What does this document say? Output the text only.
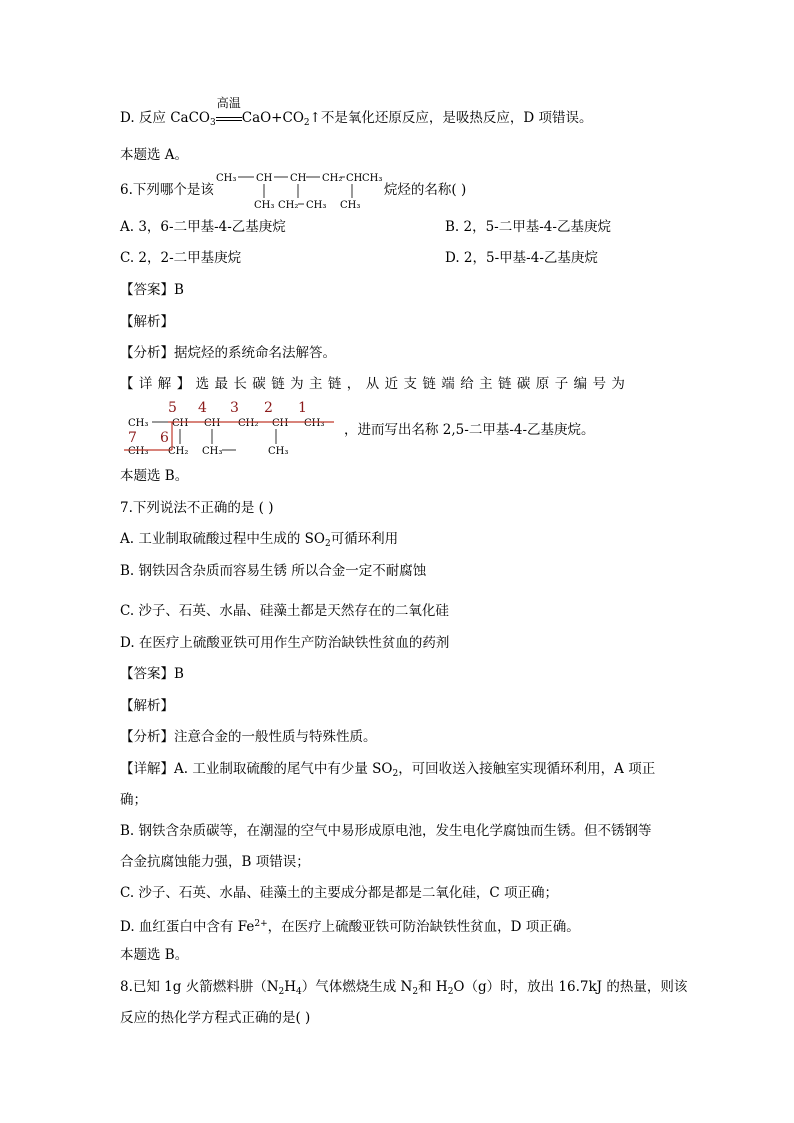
D. 反应 CaCO$_3$
高温
$CaO+CO_2↑$不是氧化还原反应，是吸热反应，D 项错误。
本题选 A。
6.下列哪个是该	烷烃的名称( )
CH₃ CH CH CH₂ CH CH₃
CH₃ CH₂ CH₃ CH₃
A. 3，6-二甲基-4-乙基庚烷	B. 2，5-二甲基-4-乙基庚烷
C. 2，2-二甲基庚烷	D. 2，5-甲基-4-乙基庚烷
【答案】B
【解析】
【分析】据烷烃的系统命名法解答。
【详解】选最长碳链为主链，从近支链端给主链碳原子编号为
5 4 3 2 1
7 6
CH₃ CH CH CH₂ CH CH₃
CH₃ CH₂ CH₃	CH₃
，进而写出名称 2,5-二甲基-4-乙基庚烷。
本题选 B。
7.下列说法不正确的是 ( )
A. 工业制取硫酸过程中生成的 $SO_2$可循环利用
B. 钢铁因含杂质而容易生锈 所以合金一定不耐腐蚀
C. 沙子、石英、水晶、硅藻土都是天然存在的二氧化硅
D. 在医疗上硫酸亚铁可用作生产防治缺铁性贫血的药剂
【答案】B
【解析】
【分析】注意合金的一般性质与特殊性质。
【详解】A. 工业制取硫酸的尾气中有少量 $SO_2$，可回收送入接触室实现循环利用，A 项正
确；
B. 钢铁含杂质碳等，在潮湿的空气中易形成原电池，发生电化学腐蚀而生锈。但不锈钢等
合金抗腐蚀能力强，B 项错误；
C. 沙子、石英、水晶、硅藻土的主要成分都是都是二氧化硅，C 项正确；
D. 血红蛋白中含有 $Fe^{2+}$，在医疗上硫酸亚铁可防治缺铁性贫血，D 项正确。
本题选 B。
8.已知 1g 火箭燃料肼$(N_2H_4)$气体燃烧生成 $N_2$和 $H_2O(g)$时，放出 16.7kJ 的热量，则该
反应的热化学方程式正确的是( )
